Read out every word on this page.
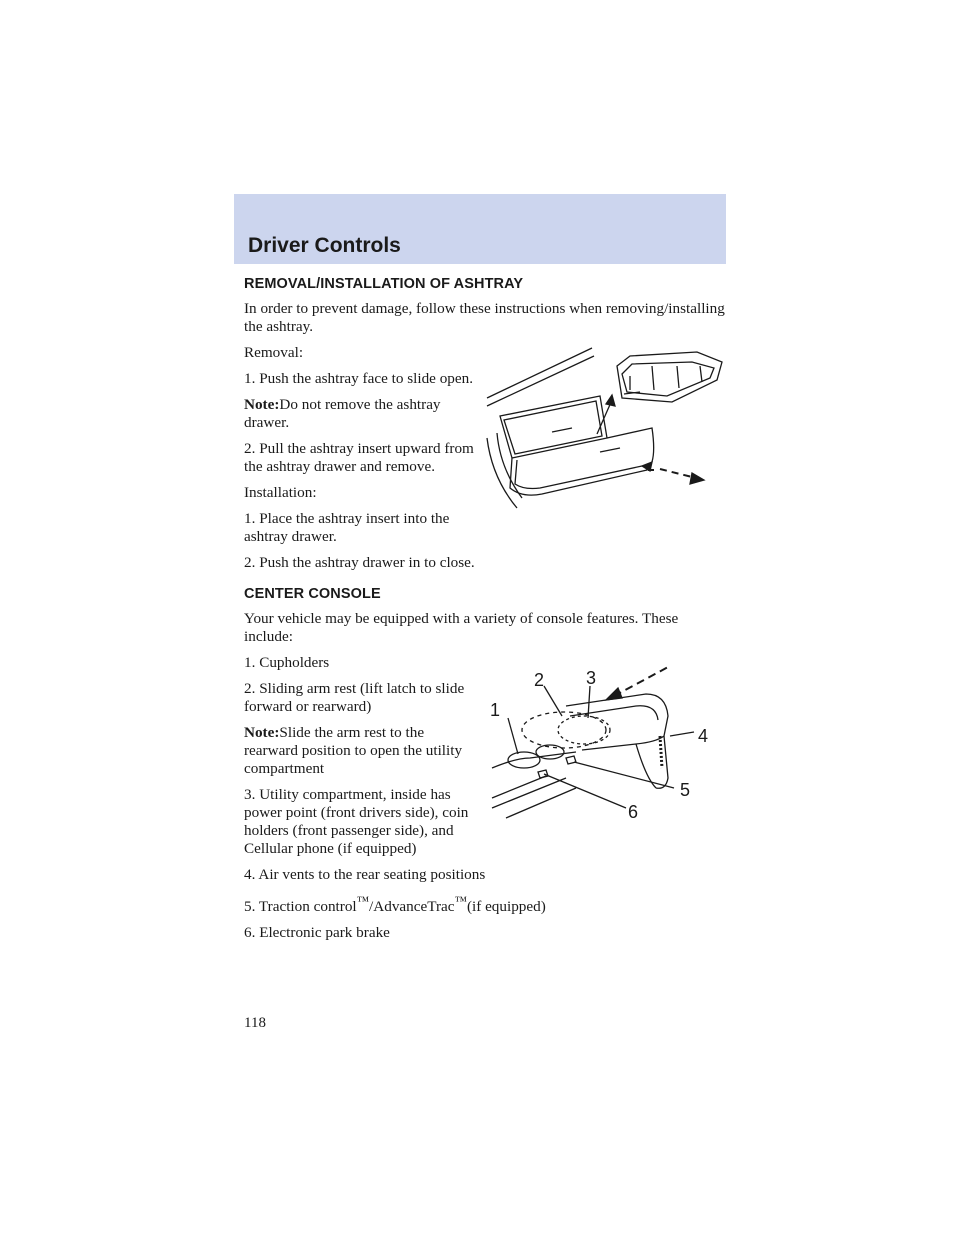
Driver Controls
REMOVAL/INSTALLATION OF ASHTRAY

In order to prevent damage, follow these instructions when removing/installing the ashtray.

Removal:

1. Push the ashtray face to slide open.

Note:Do not remove the ashtray drawer.

2. Pull the ashtray insert upward from the ashtray drawer and remove.

Installation:

1. Place the ashtray insert into the ashtray drawer.

2. Push the ashtray drawer in to close.

CENTER CONSOLE

Your vehicle may be equipped with a variety of console features. These include:

1. Cupholders

2. Sliding arm rest (lift latch to slide forward or rearward)

Note:Slide the arm rest to the rearward position to open the utility compartment

3. Utility compartment, inside has power point (front drivers side), coin holders (front passenger side), and Cellular phone (if equipped)

4. Air vents to the rear seating positions

5. Traction control™/AdvanceTrac™(if equipped)

6. Electronic park brake

1
2 3
4
5
6
118
